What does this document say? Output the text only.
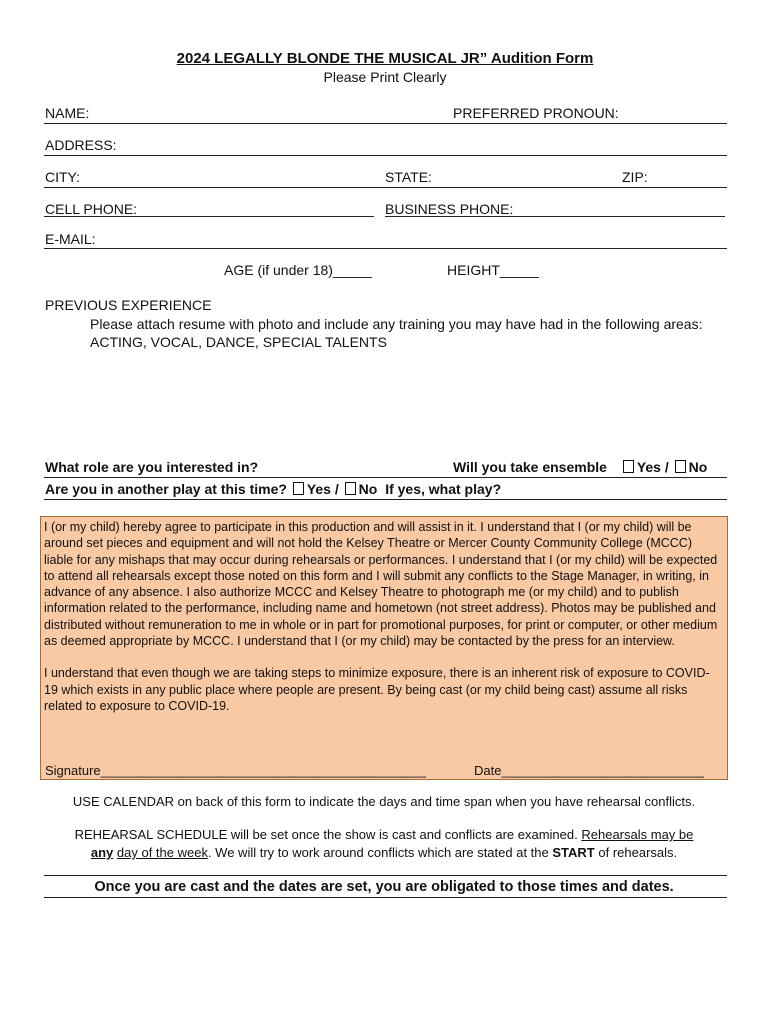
2024 LEGALLY BLONDE THE MUSICAL JR” Audition Form
Please Print Clearly
NAME:	PREFERRED PRONOUN:
ADDRESS:
CITY:	STATE:	ZIP:
CELL PHONE:	BUSINESS PHONE:
E-MAIL:
AGE (if under 18)_____	HEIGHT_____
PREVIOUS EXPERIENCE
Please attach resume with photo and include any training you may have had in the following areas: ACTING, VOCAL, DANCE, SPECIAL TALENTS
What role are you interested in?	Will you take ensemble Yes / No
Are you in another play at this time? Yes / No If yes, what play?

I (or my child) hereby agree to participate in this production and will assist in it. I understand that I (or my child) will be around set pieces and equipment and will not hold the Kelsey Theatre or Mercer County Community College (MCCC) liable for any mishaps that may occur during rehearsals or performances. I understand that I (or my child) will be expected to attend all rehearsals except those noted on this form and I will submit any conflicts to the Stage Manager, in writing, in advance of any absence. I also authorize MCCC and Kelsey Theatre to photograph me (or my child) and to publish information related to the performance, including name and hometown (not street address). Photos may be published and distributed without remuneration to me in whole or in part for promotional purposes, for print or computer, or other medium as deemed appropriate by MCCC. I understand that I (or my child) may be contacted by the press for an interview.

I understand that even though we are taking steps to minimize exposure, there is an inherent risk of exposure to COVID-19 which exists in any public place where people are present. By being cast (or my child being cast) assume all risks related to exposure to COVID-19.

Signature_____________________________________________	Date____________________________
USE CALENDAR on back of this form to indicate the days and time span when you have rehearsal conflicts.
REHEARSAL SCHEDULE will be set once the show is cast and conflicts are examined. Rehearsals may be
any day of the week. We will try to work around conflicts which are stated at the START of rehearsals.
Once you are cast and the dates are set, you are obligated to those times and dates.
